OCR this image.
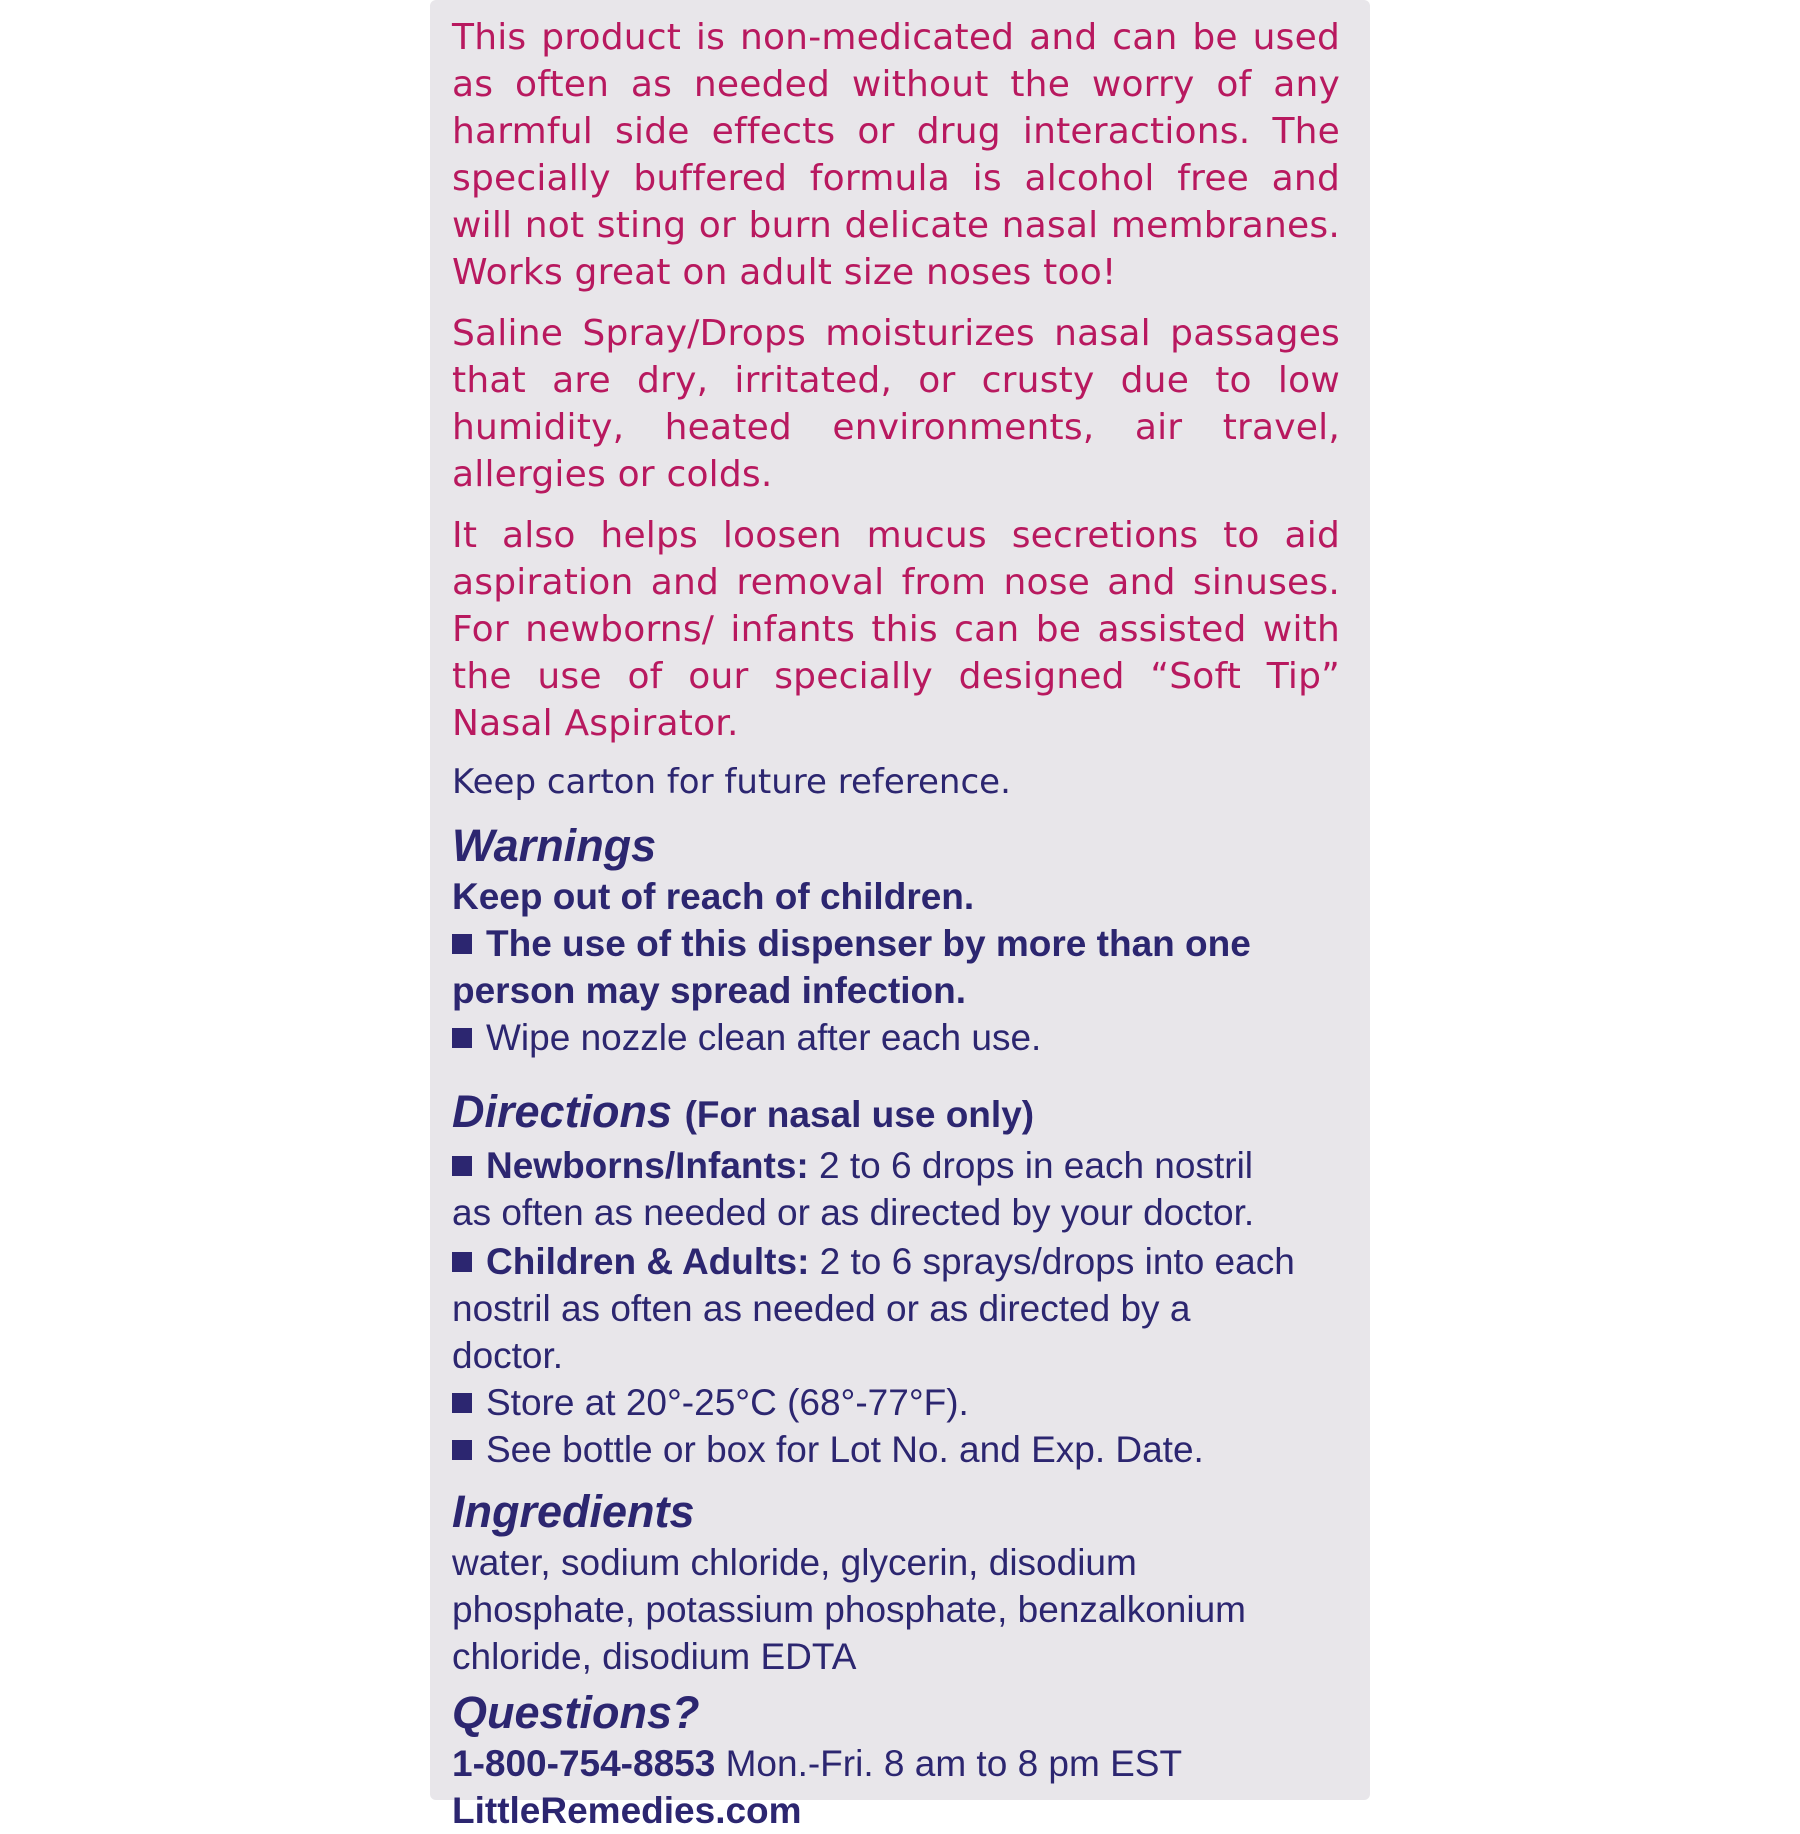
This product is non-medicated and can be used as often as needed without the worry of any harmful side effects or drug interactions. The specially buffered formula is alcohol free and will not sting or burn delicate nasal membranes. Works great on adult size noses too!

Saline Spray/Drops moisturizes nasal passages that are dry, irritated, or crusty due to low humidity, heated environments, air travel, allergies or colds.

It also helps loosen mucus secretions to aid aspiration and removal from nose and sinuses. For newborns/ infants this can be assisted with the use of our specially designed “Soft Tip” Nasal Aspirator.

Keep carton for future reference.

Warnings

Keep out of reach of children.

The use of this dispenser by more than one person may spread infection.

Wipe nozzle clean after each use.

Directions (For nasal use only)

Newborns/Infants: 2 to 6 drops in each nostril
as often as needed or as directed by your doctor.

Children & Adults: 2 to 6 sprays/drops into each
nostril as often as needed or as directed by a
doctor.

Store at 20°-25°C (68°-77°F).

See bottle or box for Lot No. and Exp. Date.

Ingredients

water, sodium chloride, glycerin, disodium
phosphate, potassium phosphate, benzalkonium
chloride, disodium EDTA

Questions?

1-800-754-8853 Mon.-Fri. 8 am to 8 pm EST

LittleRemedies.com
